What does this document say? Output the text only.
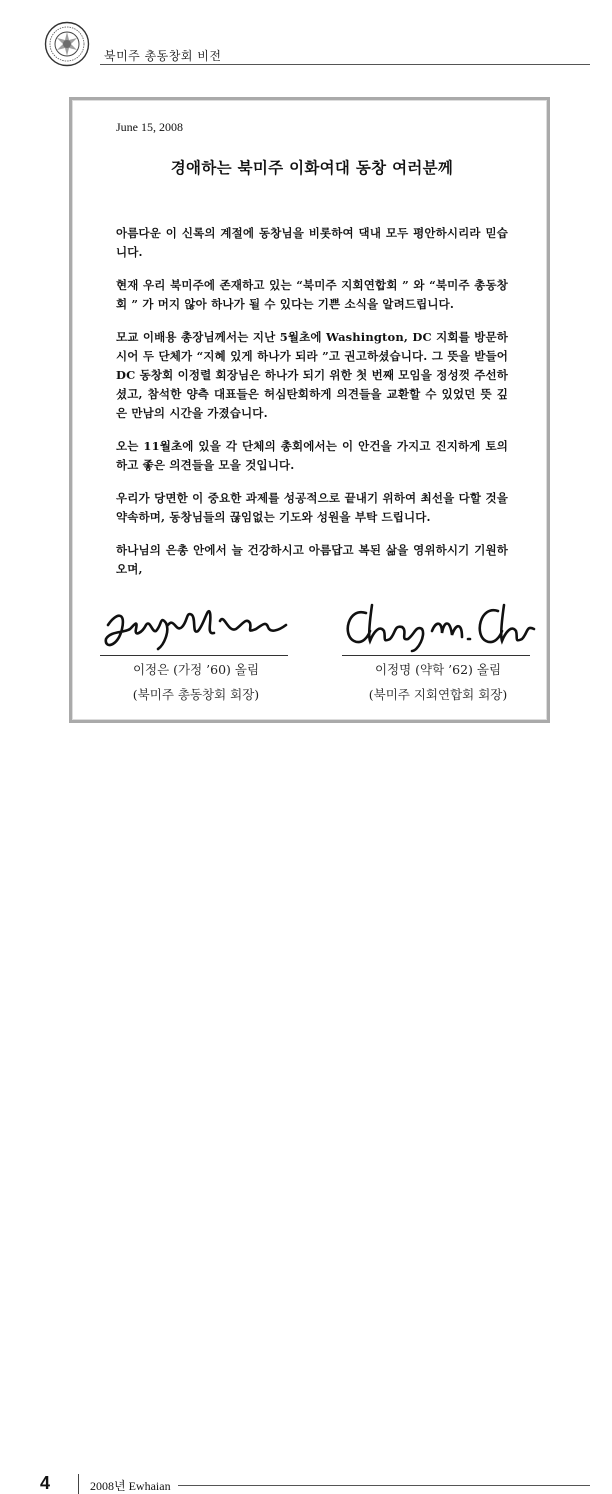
북미주 총동창회 비전

June 15, 2008

경애하는 북미주 이화여대 동창 여러분께

아름다운 이 신록의 계절에 동창님을 비롯하여 댁내 모두 평안하시리라 믿습니다.

현재 우리 북미주에 존재하고 있는 “북미주 지회연합회 ” 와 “북미주 총동창회 ” 가 머지 않아 하나가 될 수 있다는 기쁜 소식을 알려드립니다.

모교 이배용 총장님께서는 지난 5월초에 Washington, DC 지회를 방문하시어 두 단체가 “지혜 있게 하나가 되라 ”고 권고하셨습니다. 그 뜻을 받들어 DC 동창회 이정렬 회장님은 하나가 되기 위한 첫 번째 모임을 정성껏 주선하셨고, 참석한 양측 대표들은 허심탄회하게 의견들을 교환할 수 있었던 뜻 깊은 만남의 시간을 가졌습니다.

오는 11월초에 있을 각 단체의 총회에서는 이 안건을 가지고 진지하게 토의하고 좋은 의견들을 모을 것입니다.

우리가 당면한 이 중요한 과제를 성공적으로 끝내기 위하여 최선을 다할 것을 약속하며, 동창님들의 끊임없는 기도와 성원을 부탁 드립니다.

하나님의 은총 안에서 늘 건강하시고 아름답고 복된 삶을 영위하시기 기원하오며,

이정은 (가정 ’60) 올림
(북미주 총동창회 회장)
이정명 (약학 ’62) 올림
(북미주 지회연합회 회장)
4	2008년 Ewhaian
